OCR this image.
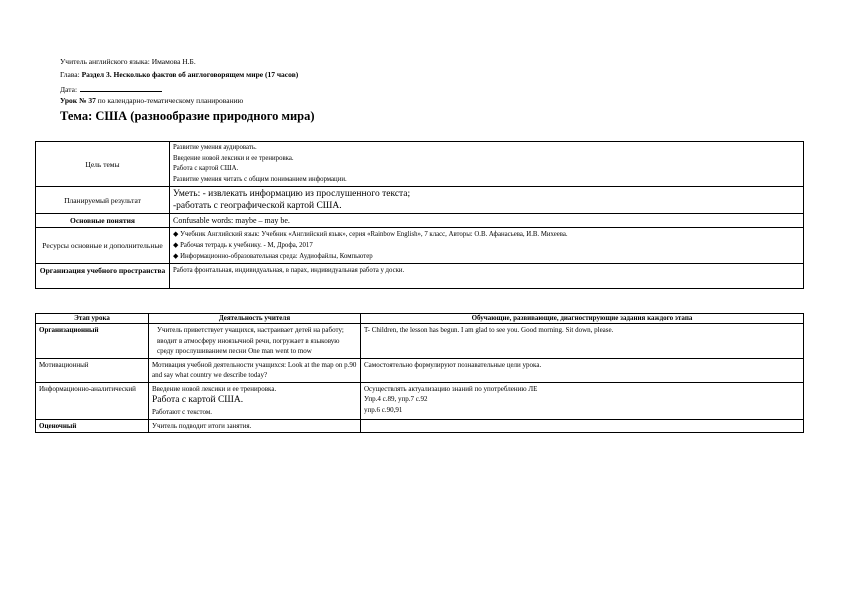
Учитель английского языка: Имамова Н.Б.
Глава: Раздел 3. Несколько фактов об англоговорящем мире (17 часов)
Дата:
Урок № 37 по календарно-тематическому планированию
Тема: США (разнообразие природного мира)
Цель темы	Развитие умения аудировать.
Введение новой лексики и ее тренировка.
Работа с картой США.
Развитие умения читать с общим пониманием информации.

Планируемый результат	Уметь: - извлекать информацию из прослушенного текста;
-работать с географической картой США.

Основные понятия	Confusable words: maybe – may be.
Ресурсы основные и дополнительные	◆ Учебник Английский язык: Учебник «Английский язык», серия «Rainbow English», 7 класс, Авторы: О.В. Афанасьева, И.В. Михеева.
◆ Рабочая тетрадь к учебнику. - М, Дрофа, 2017
◆ Информационно-образовательная среда: Аудиофайлы, Компьютер

Организация учебного пространства	Работа фронтальная, индивидуальная, в парах, индивидуальная работа у доски.
Этап урока	Деятельность учителя	Обучающие, развивающие, диагностирующие задания каждого этапа
Организационный	Учитель приветствует учащихся, настраивает детей на работу; вводит в атмосферу иноязычной речи, погружает в языковую среду прослушиванием песни One man went to mow	T- Children, the lesson has begun. I am glad to see you. Good morning. Sit down, please.
Мотивационный	Мотивация учебной деятельности учащихся: Look at the map on p.90 and say what country we describe today?	Самостоятельно формулируют познавательные цели урока.
Информационно-аналитический	Введение новой лексики и ее тренировка.
Работа с картой США.
Работают с текстом.	Осуществлять актуализацию знаний по употреблению ЛЕ
Упр.4 с.89, упр.7 с.92
упр.6 с.90,91

Оценочный	Учитель подводит итоги занятия.	
